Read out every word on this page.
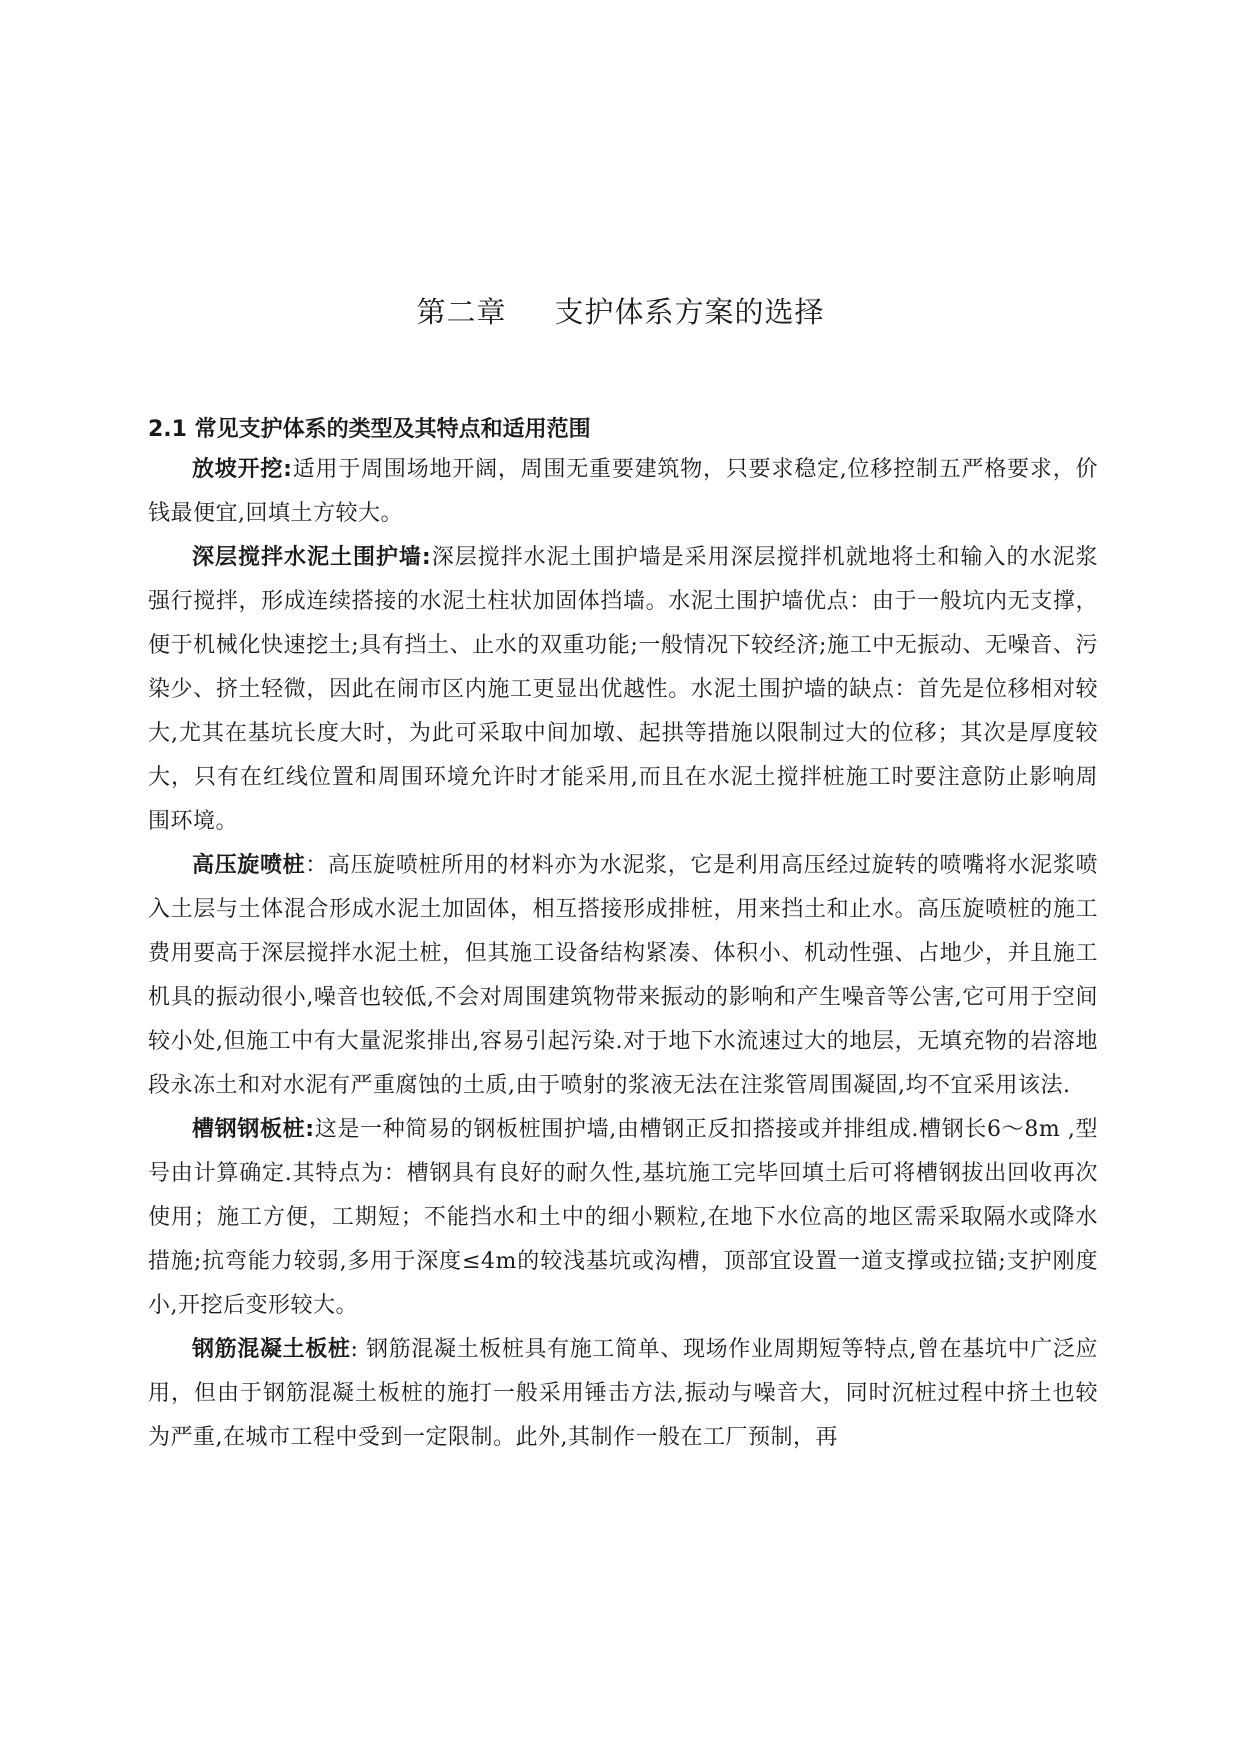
第二章 支护体系方案的选择
2.1 常见支护体系的类型及其特点和适用范围

放坡开挖:适用于周围场地开阔，周围无重要建筑物，只要求稳定,位移控制五严格要求，价钱最便宜,回填土方较大。

深层搅拌水泥土围护墙:深层搅拌水泥土围护墙是采用深层搅拌机就地将土和输入的水泥浆强行搅拌，形成连续搭接的水泥土柱状加固体挡墙。水泥土围护墙优点：由于一般坑内无支撑，便于机械化快速挖土;具有挡土、止水的双重功能;一般情况下较经济;施工中无振动、无噪音、污染少、挤土轻微，因此在闹市区内施工更显出优越性。水泥土围护墙的缺点：首先是位移相对较大,尤其在基坑长度大时，为此可采取中间加墩、起拱等措施以限制过大的位移；其次是厚度较大，只有在红线位置和周围环境允许时才能采用,而且在水泥土搅拌桩施工时要注意防止影响周围环境。

高压旋喷桩：高压旋喷桩所用的材料亦为水泥浆，它是利用高压经过旋转的喷嘴将水泥浆喷入土层与土体混合形成水泥土加固体，相互搭接形成排桩，用来挡土和止水。高压旋喷桩的施工费用要高于深层搅拌水泥土桩，但其施工设备结构紧凑、体积小、机动性强、占地少，并且施工机具的振动很小,噪音也较低,不会对周围建筑物带来振动的影响和产生噪音等公害,它可用于空间较小处,但施工中有大量泥浆排出,容易引起污染.对于地下水流速过大的地层，无填充物的岩溶地段永冻土和对水泥有严重腐蚀的土质,由于喷射的浆液无法在注浆管周围凝固,均不宜采用该法.

槽钢钢板桩:这是一种简易的钢板桩围护墙,由槽钢正反扣搭接或并排组成.槽钢长6～8m ,型号由计算确定.其特点为：槽钢具有良好的耐久性,基坑施工完毕回填土后可将槽钢拔出回收再次使用；施工方便，工期短；不能挡水和土中的细小颗粒,在地下水位高的地区需采取隔水或降水措施;抗弯能力较弱,多用于深度≤4m的较浅基坑或沟槽，顶部宜设置一道支撑或拉锚;支护刚度小,开挖后变形较大。

钢筋混凝土板桩: 钢筋混凝土板桩具有施工简单、现场作业周期短等特点,曾在基坑中广泛应用，但由于钢筋混凝土板桩的施打一般采用锤击方法,振动与噪音大，同时沉桩过程中挤土也较为严重,在城市工程中受到一定限制。此外,其制作一般在工厂预制，再
